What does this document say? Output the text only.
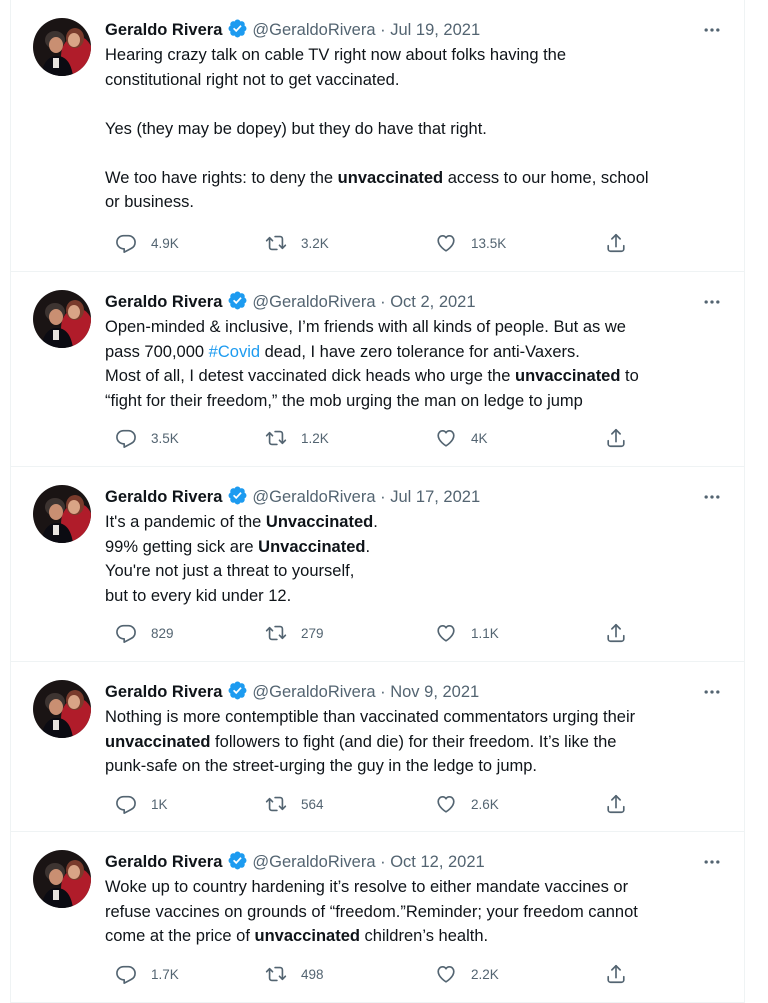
Geraldo Rivera @GeraldoRivera · Jul 19, 2021

Hearing crazy talk on cable TV right now about folks having the

constitutional right not to get vaccinated.

Yes (they may be dopey) but they do have that right.

We too have rights: to deny the unvaccinated access to our home, school

or business.

4.9K	3.2K	13.5K
Geraldo Rivera @GeraldoRivera · Oct 2, 2021

Open-minded & inclusive, I’m friends with all kinds of people. But as we

pass 700,000 #Covid dead, I have zero tolerance for anti-Vaxers.

Most of all, I detest vaccinated dick heads who urge the unvaccinated to

“fight for their freedom,” the mob urging the man on ledge to jump

3.5K	1.2K	4K
Geraldo Rivera @GeraldoRivera · Jul 17, 2021

It's a pandemic of the Unvaccinated.

99% getting sick are Unvaccinated.

You're not just a threat to yourself,

but to every kid under 12.

829	279	1.1K
Geraldo Rivera @GeraldoRivera · Nov 9, 2021

Nothing is more contemptible than vaccinated commentators urging their

unvaccinated followers to fight (and die) for their freedom. It’s like the

punk-safe on the street-urging the guy in the ledge to jump.

1K	564	2.6K
Geraldo Rivera @GeraldoRivera · Oct 12, 2021

Woke up to country hardening it’s resolve to either mandate vaccines or

refuse vaccines on grounds of “freedom.”Reminder; your freedom cannot

come at the price of unvaccinated children’s health.

1.7K	498	2.2K
